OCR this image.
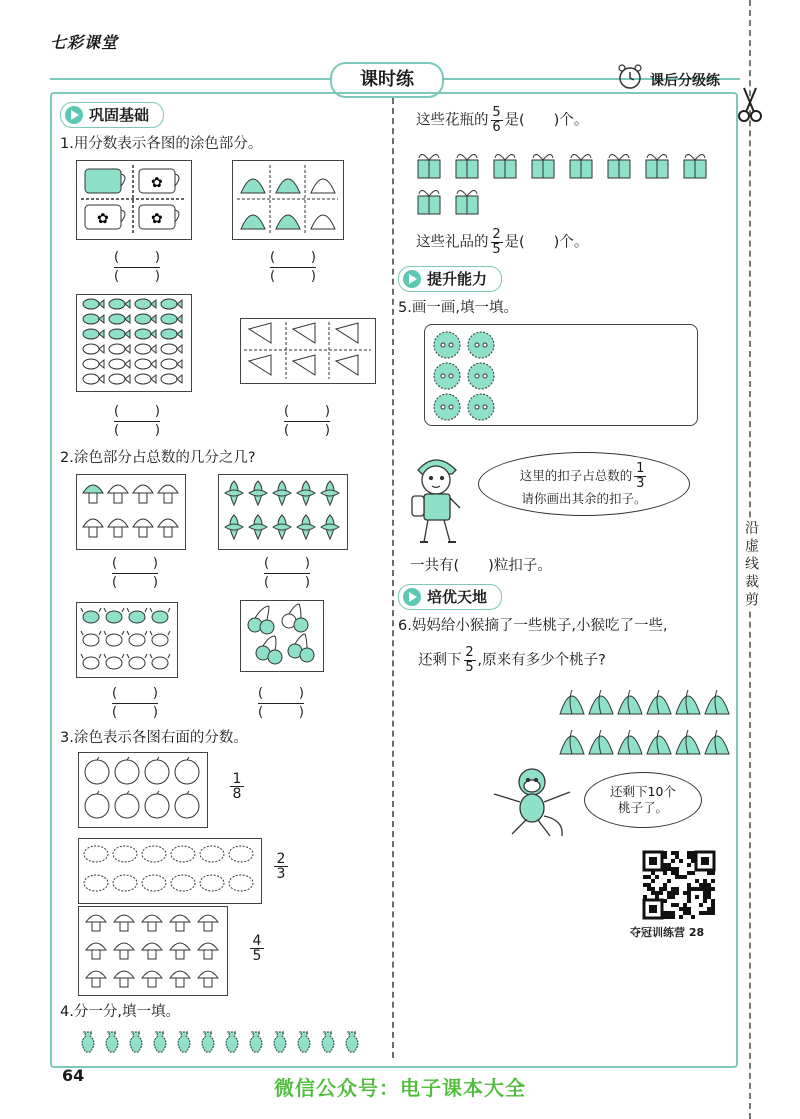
七彩课堂
课时练	课后分级练
沿虚线裁剪
巩固基础
1.用分数表示各图的涂色部分。
✿
✿	✿
(	)
(	)
(	)
(	)
(	)
(	)
(	)
(	)
2.涂色部分占总数的几分之几?
(	)
(	)
(	)
(	)
(	)
(	)
(	)
(	)
3.涂色表示各图右面的分数。
1
8
2
3
4
5
4.分一分,填一填。
这些花瓶的 $\frac{5}{6}$ 是(　　)个。
这些礼品的 $\frac{2}{5}$ 是(　　)个。
提升能力
5.画一画,填一填。
这里的扣子占总数的 $\frac{1}{3}$

请你画出其余的扣子。
一共有(　　)粒扣子。
培优天地
6.妈妈给小猴摘了一些桃子,小猴吃了一些,
还剩下 $\frac{2}{5}$ ,原来有多少个桃子?
还剩下10个
桃子了。
夺冠训练营 28
64
微信公众号：电子课本大全
